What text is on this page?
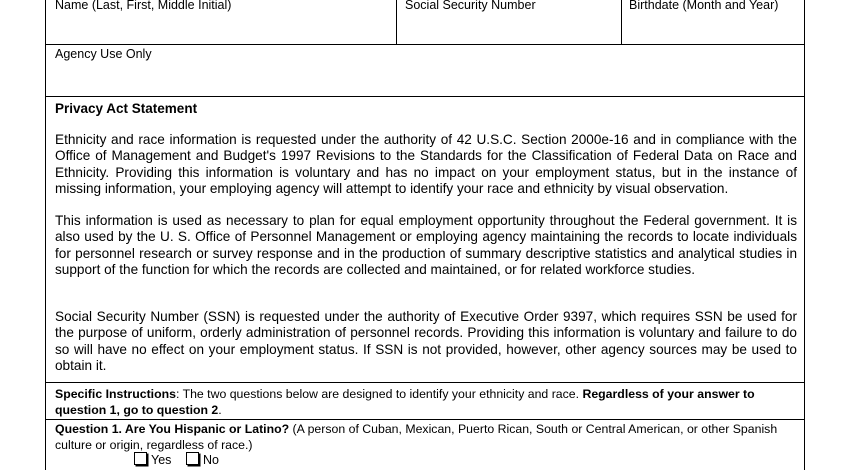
Name (Last, First, Middle Initial)	Social Security Number	Birthdate (Month and Year)
Agency Use Only
Privacy Act Statement
Ethnicity and race information is requested under the authority of 42 U.S.C. Section 2000e-16 and in compliance with the Office of Management and Budget's 1997 Revisions to the Standards for the Classification of Federal Data on Race and Ethnicity. Providing this information is voluntary and has no impact on your employment status, but in the instance of missing information, your employing agency will attempt to identify your race and ethnicity by visual observation.
This information is used as necessary to plan for equal employment opportunity throughout the Federal government. It is also used by the U. S. Office of Personnel Management or employing agency maintaining the records to locate individuals for personnel research or survey response and in the production of summary descriptive statistics and analytical studies in support of the function for which the records are collected and maintained, or for related workforce studies.
Social Security Number (SSN) is requested under the authority of Executive Order 9397, which requires SSN be used for the purpose of uniform, orderly administration of personnel records. Providing this information is voluntary and failure to do so will have no effect on your employment status. If SSN is not provided, however, other agency sources may be used to obtain it.
Specific Instructions: The two questions below are designed to identify your ethnicity and race. Regardless of your answer to question 1, go to question 2.
Question 1. Are You Hispanic or Latino? (A person of Cuban, Mexican, Puerto Rican, South or Central American, or other Spanish culture or origin, regardless of race.)
Yes	No
